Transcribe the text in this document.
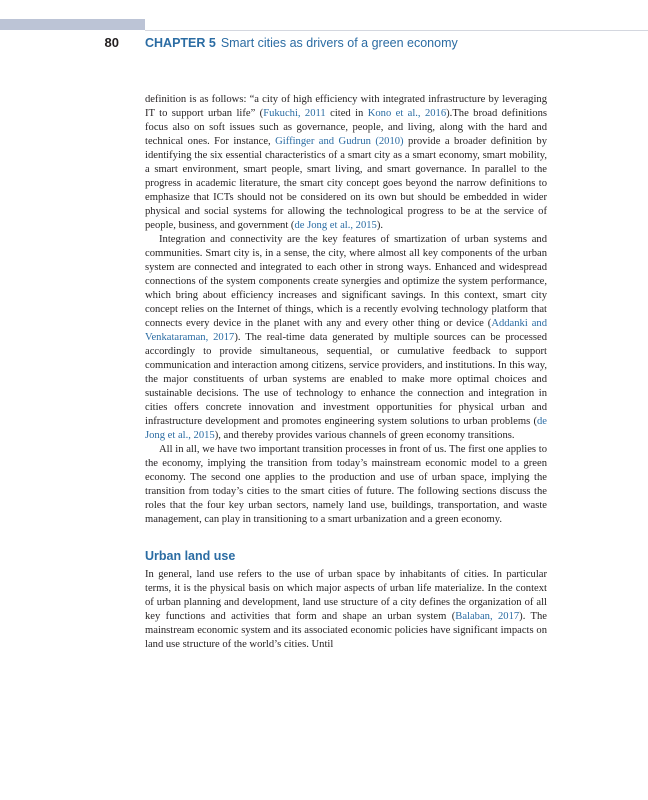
80 CHAPTER 5 Smart cities as drivers of a green economy

definition is as follows: “a city of high efficiency with integrated infrastructure by leveraging IT to support urban life” (Fukuchi, 2011 cited in Kono et al., 2016).The broad definitions focus also on soft issues such as governance, people, and living, along with the hard and technical ones. For instance, Giffinger and Gudrun (2010) provide a broader definition by identifying the six essential characteristics of a smart city as a smart economy, smart mobility, a smart environment, smart people, smart living, and smart governance. In parallel to the progress in academic literature, the smart city concept goes beyond the narrow definitions to emphasize that ICTs should not be considered on its own but should be embedded in wider physical and social systems for allowing the technological progress to be at the service of people, business, and government (de Jong et al., 2015).

Integration and connectivity are the key features of smartization of urban systems and communities. Smart city is, in a sense, the city, where almost all key components of the urban system are connected and integrated to each other in strong ways. Enhanced and widespread connections of the system components create synergies and optimize the system performance, which bring about efficiency increases and significant savings. In this context, smart city concept relies on the Internet of things, which is a recently evolving technology platform that connects every device in the planet with any and every other thing or device (Addanki and Venkataraman, 2017). The real-time data generated by multiple sources can be processed accordingly to provide simultaneous, sequential, or cumulative feedback to support communication and interaction among citizens, service providers, and institutions. In this way, the major constituents of urban systems are enabled to make more optimal choices and sustainable decisions. The use of technology to enhance the connection and integration in cities offers concrete innovation and investment opportunities for physical urban and infrastructure development and promotes engineering system solutions to urban problems (de Jong et al., 2015), and thereby provides various channels of green economy transitions.

All in all, we have two important transition processes in front of us. The first one applies to the economy, implying the transition from today’s mainstream economic model to a green economy. The second one applies to the production and use of urban space, implying the transition from today’s cities to the smart cities of future. The following sections discuss the roles that the four key urban sectors, namely land use, buildings, transportation, and waste management, can play in transitioning to a smart urbanization and a green economy.

Urban land use

In general, land use refers to the use of urban space by inhabitants of cities. In particular terms, it is the physical basis on which major aspects of urban life materialize. In the context of urban planning and development, land use structure of a city defines the organization of all key functions and activities that form and shape an urban system (Balaban, 2017). The mainstream economic system and its associated economic policies have significant impacts on land use structure of the world’s cities. Until
